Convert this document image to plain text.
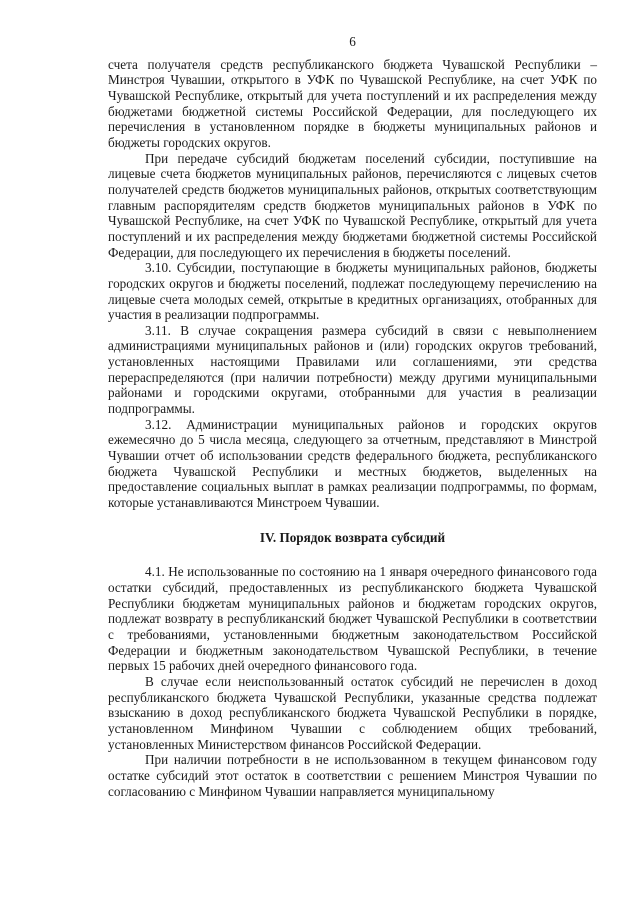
6

счета получателя средств республиканского бюджета Чувашской Республики – Минстроя Чувашии, открытого в УФК по Чувашской Республике, на счет УФК по Чувашской Республике, открытый для учета поступлений и их распределения между бюджетами бюджетной системы Российской Федерации, для последующего их перечисления в установленном порядке в бюджеты муниципальных районов и бюджеты городских округов.

При передаче субсидий бюджетам поселений субсидии, поступившие на лицевые счета бюджетов муниципальных районов, перечисляются с лицевых счетов получателей средств бюджетов муниципальных районов, открытых соответствующим главным распорядителям средств бюджетов муниципальных районов в УФК по Чувашской Республике, на счет УФК по Чувашской Республике, открытый для учета поступлений и их распределения между бюджетами бюджетной системы Российской Федерации, для последующего их перечисления в бюджеты поселений.

3.10. Субсидии, поступающие в бюджеты муниципальных районов, бюджеты городских округов и бюджеты поселений, подлежат последующему перечислению на лицевые счета молодых семей, открытые в кредитных организациях, отобранных для участия в реализации подпрограммы.

3.11. В случае сокращения размера субсидий в связи с невыполнением администрациями муниципальных районов и (или) городских округов требований, установленных настоящими Правилами или соглашениями, эти средства перераспределяются (при наличии потребности) между другими муниципальными районами и городскими округами, отобранными для участия в реализации подпрограммы.

3.12. Администрации муниципальных районов и городских округов ежемесячно до 5 числа месяца, следующего за отчетным, представляют в Минстрой Чувашии отчет об использовании средств федерального бюджета, республиканского бюджета Чувашской Республики и местных бюджетов, выделенных на предоставление социальных выплат в рамках реализации подпрограммы, по формам, которые устанавливаются Минстроем Чувашии.

IV. Порядок возврата субсидий

4.1. Не использованные по состоянию на 1 января очередного финансового года остатки субсидий, предоставленных из республиканского бюджета Чувашской Республики бюджетам муниципальных районов и бюджетам городских округов, подлежат возврату в республиканский бюджет Чувашской Республики в соответствии с требованиями, установленными бюджетным законодательством Российской Федерации и бюджетным законодательством Чувашской Республики, в течение первых 15 рабочих дней очередного финансового года.

В случае если неиспользованный остаток субсидий не перечислен в доход республиканского бюджета Чувашской Республики, указанные средства подлежат взысканию в доход республиканского бюджета Чувашской Республики в порядке, установленном Минфином Чувашии с соблюдением общих требований, установленных Министерством финансов Российской Федерации.

При наличии потребности в не использованном в текущем финансовом году остатке субсидий этот остаток в соответствии с решением Минстроя Чувашии по согласованию с Минфином Чувашии направляется муниципальному
